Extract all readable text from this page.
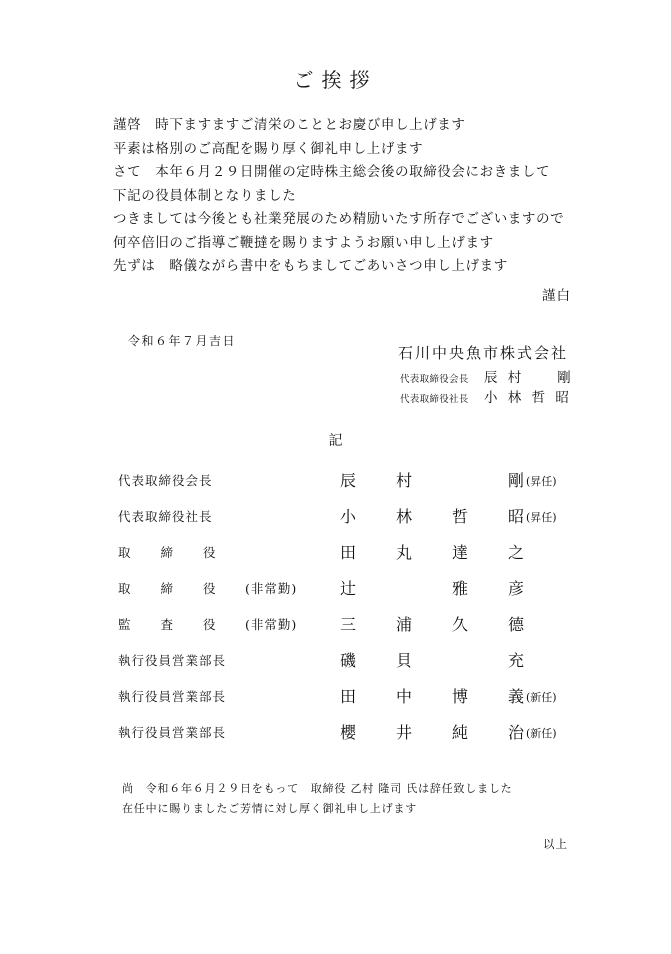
ご挨拶
謹啓　時下ますますご清栄のこととお慶び申し上げます
平素は格別のご高配を賜り厚く御礼申し上げます
さて　本年６月２９日開催の定時株主総会後の取締役会におきまして
下記の役員体制となりました
つきましては今後とも社業発展のため精励いたす所存でございますので
何卒倍旧のご指導ご鞭撻を賜りますようお願い申し上げます
先ずは　略儀ながら書中をもちましてごあいさつ申し上げます
謹白
令和６年７月吉日
石川中央魚市株式会社
代表取締役会長 辰 村　　剛
代表取締役社長 小 林 哲 昭
記
代表取締役会長	辰 村	剛 (昇任)
代表取締役社長	小 林 哲 昭 (昇任)
取締役	田 丸 達 之
取締役 (非常勤)	辻	雅 彦
監査役 (非常勤)	三 浦 久 德
執行役員営業部長	磯 貝	充
執行役員営業部長	田 中 博 義 (新任)
執行役員営業部長	櫻 井 純 治 (新任)
尚　令和６年６月２９日をもって　取締役 乙村 隆司 氏は辞任致しました
在任中に賜りましたご芳情に対し厚く御礼申し上げます
以上
